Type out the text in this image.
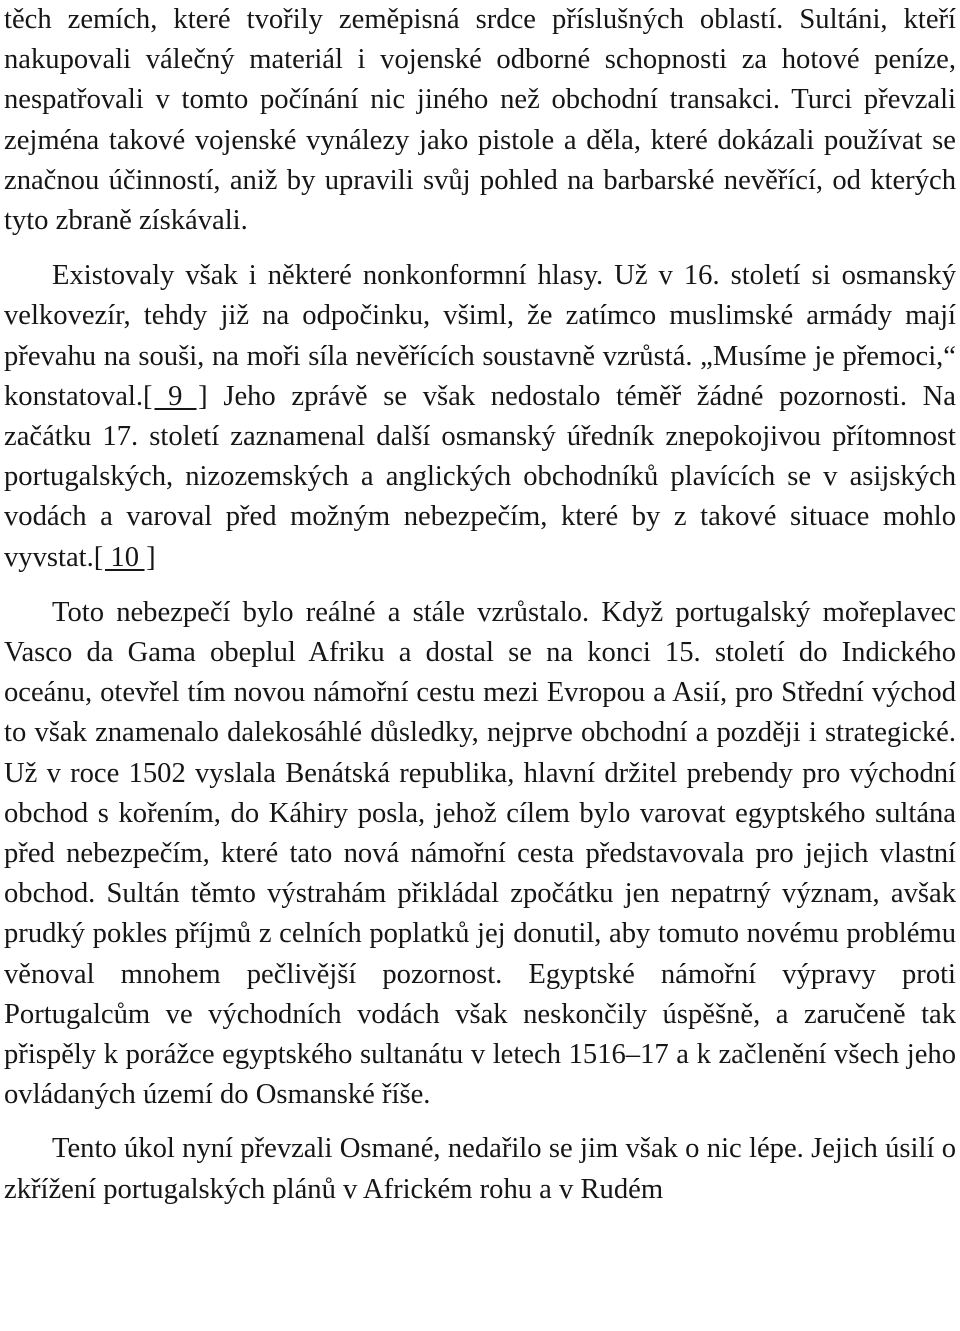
těch zemích, které tvořily zeměpisná srdce příslušných oblastí. Sultáni, kteří nakupovali válečný materiál i vojenské odborné schopnosti za hotové peníze, nespatřovali v tomto počínání nic jiného než obchodní transakci. Turci převzali zejména takové vojenské vynálezy jako pistole a děla, které dokázali používat se značnou účinností, aniž by upravili svůj pohled na barbarské nevěřící, od kterých tyto zbraně získávali.

Existovaly však i některé nonkonformní hlasy. Už v 16. století si osmanský velkovezír, tehdy již na odpočinku, všiml, že zatímco muslimské armády mají převahu na souši, na moři síla nevěřících soustavně vzrůstá. „Musíme je přemoci,“ konstatoval.[ 9 ] Jeho zprávě se však nedostalo téměř žádné pozornosti. Na začátku 17. století zaznamenal další osmanský úředník znepokojivou přítomnost portugalských, nizozemských a anglických obchodníků plavících se v asijských vodách a varoval před možným nebezpečím, které by z takové situace mohlo vyvstat.[ 10 ]

Toto nebezpečí bylo reálné a stále vzrůstalo. Když portugalský mořeplavec Vasco da Gama obeplul Afriku a dostal se na konci 15. století do Indického oceánu, otevřel tím novou námořní cestu mezi Evropou a Asií, pro Střední východ to však znamenalo dalekosáhlé důsledky, nejprve obchodní a později i strategické. Už v roce 1502 vyslala Benátská republika, hlavní držitel prebendy pro východní obchod s kořením, do Káhiry posla, jehož cílem bylo varovat egyptského sultána před nebezpečím, které tato nová námořní cesta představovala pro jejich vlastní obchod. Sultán těmto výstrahám přikládal zpočátku jen nepatrný význam, avšak prudký pokles příjmů z celních poplatků jej donutil, aby tomuto novému problému věnoval mnohem pečlivější pozornost. Egyptské námořní výpravy proti Portugalcům ve východních vodách však neskončily úspěšně, a zaručeně tak přispěly k porážce egyptského sultanátu v letech 1516–17 a k začlenění všech jeho ovládaných území do Osmanské říše.

Tento úkol nyní převzali Osmané, nedařilo se jim však o nic lépe. Jejich úsilí o zkřížení portugalských plánů v Africkém rohu a v Rudém
